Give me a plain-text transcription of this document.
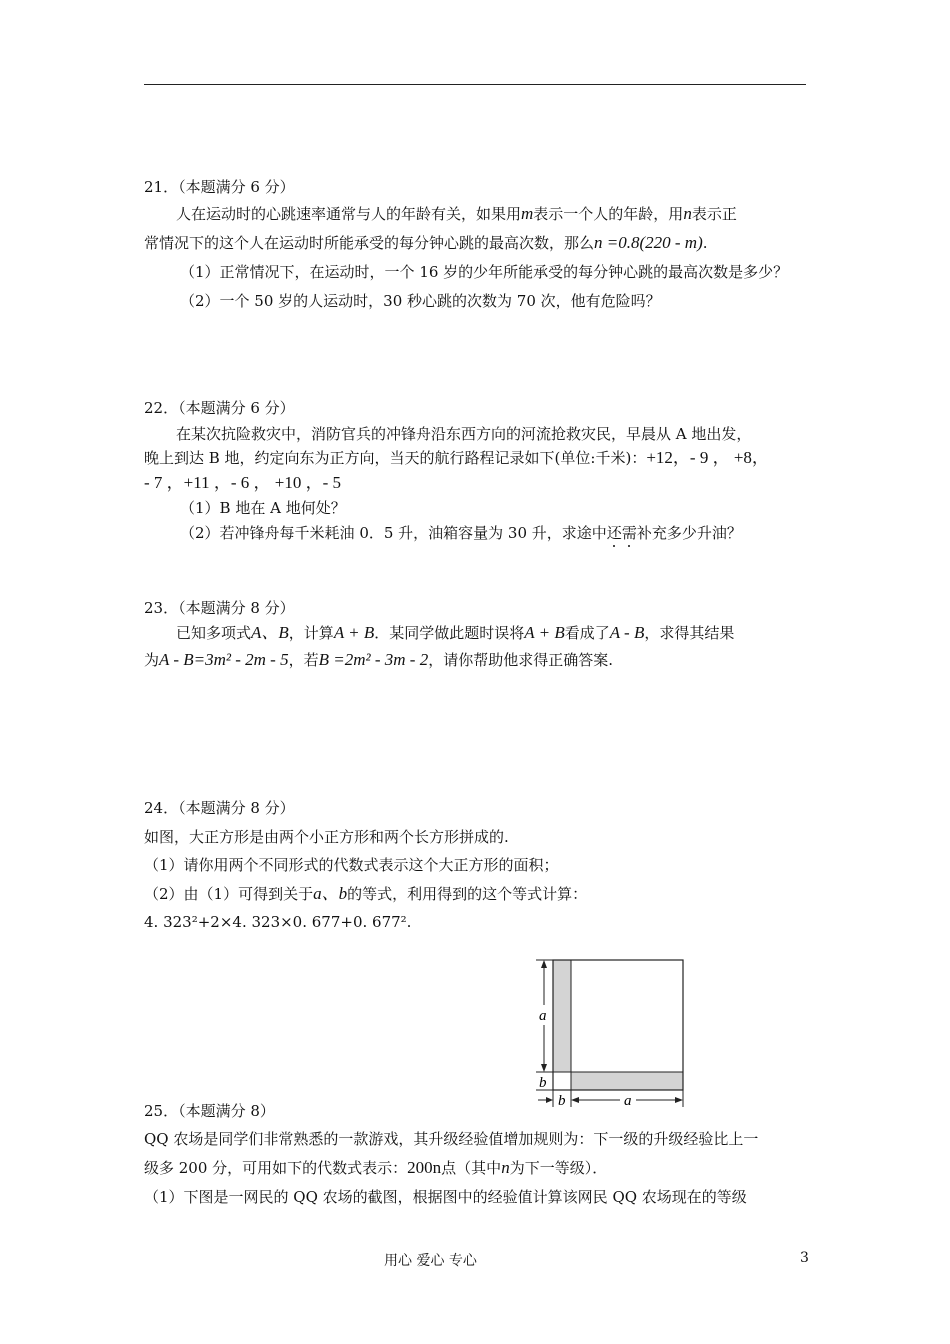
21．（本题满分 6 分）
人在运动时的心跳速率通常与人的年龄有关，如果用m表示一个人的年龄，用n表示正
常情况下的这个人在运动时所能承受的每分钟心跳的最高次数，那么n =0.8(220 - m).
（1）正常情况下，在运动时，一个 16 岁的少年所能承受的每分钟心跳的最高次数是多少？
（2）一个 50 岁的人运动时，30 秒心跳的次数为 70 次，他有危险吗？
22．（本题满分 6 分）
在某次抗险救灾中，消防官兵的冲锋舟沿东西方向的河流抢救灾民，早晨从 A 地出发，
晚上到达 B 地，约定向东为正方向，当天的航行路程记录如下(单位:千米)：+12，- 9 ， +8，
- 7 ，+11 ，- 6 ， +10 ，- 5
（1）B 地在 A 地何处？
（2）若冲锋舟每千米耗油 0．5 升，油箱容量为 30 升，求途中还需补充多少升油？
23．（本题满分 8 分）
已知多项式A、B，计算A + B．某同学做此题时误将A + B看成了A - B，求得其结果
为A - B=3m² - 2m - 5，若B =2m² - 3m - 2，请你帮助他求得正确答案.
24．（本题满分 8 分）
如图，大正方形是由两个小正方形和两个长方形拼成的.
（1）请你用两个不同形式的代数式表示这个大正方形的面积；
（2）由（1）可得到关于a、b的等式，利用得到的这个等式计算：
4. 323²+2×4. 323×0. 677+0. 677².
a
b
b	a
25．（本题满分 8）
QQ 农场是同学们非常熟悉的一款游戏，其升级经验值增加规则为：下一级的升级经验比上一
级多 200 分，可用如下的代数式表示：200n点（其中n为下一等级）．
（1）下图是一网民的 QQ 农场的截图，根据图中的经验值计算该网民 QQ 农场现在的等级
用心 爱心 专心	3
